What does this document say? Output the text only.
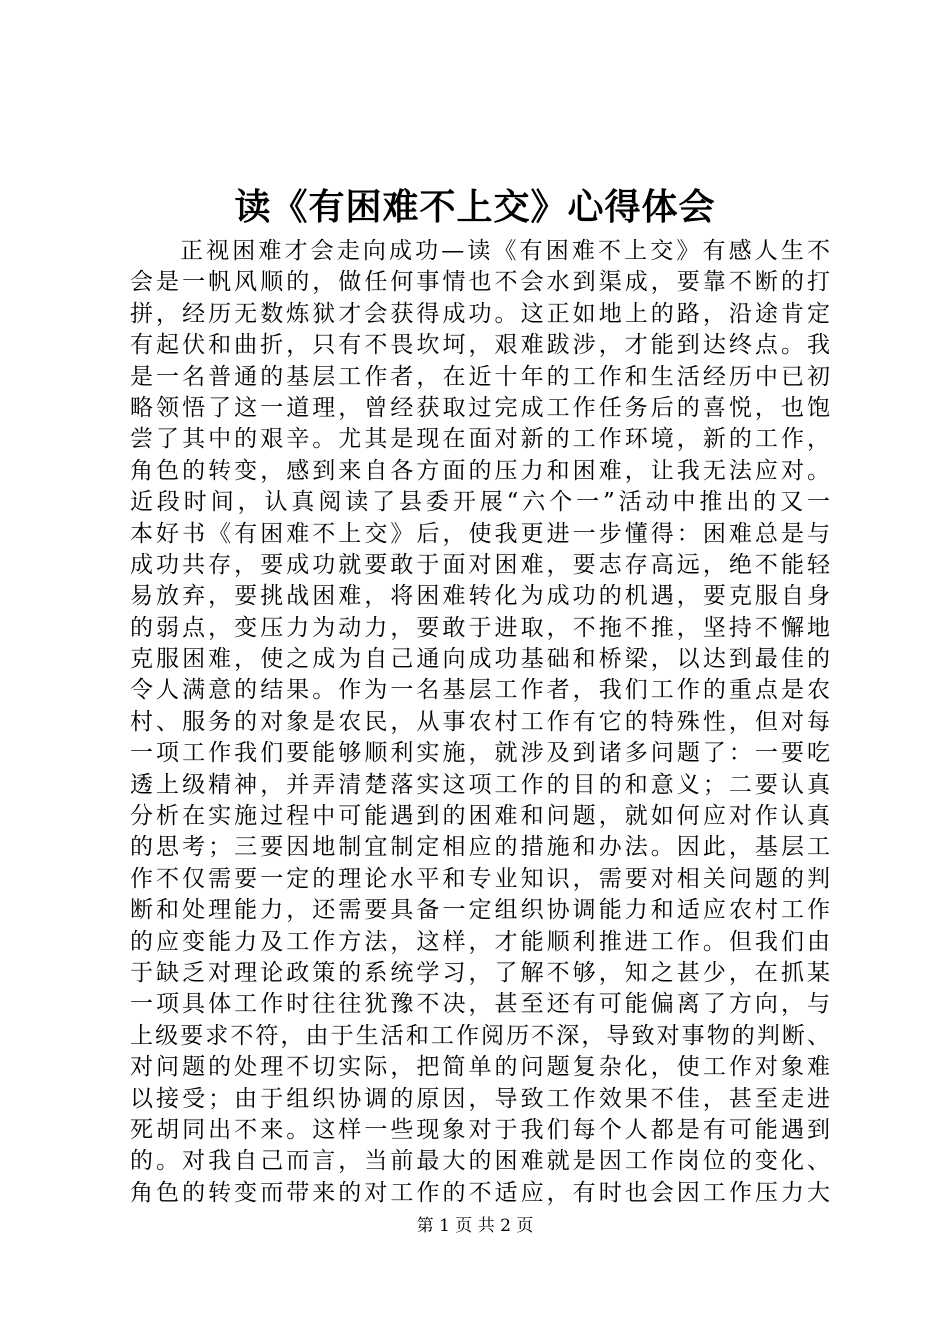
读《有困难不上交》心得体会
正视困难才会走向成功—读《有困难不上交》有感人生不
会是一帆风顺的，做任何事情也不会水到渠成，要靠不断的打
拼，经历无数炼狱才会获得成功。这正如地上的路，沿途肯定
有起伏和曲折，只有不畏坎坷，艰难跋涉，才能到达终点。我
是一名普通的基层工作者，在近十年的工作和生活经历中已初
略领悟了这一道理，曾经获取过完成工作任务后的喜悦，也饱
尝了其中的艰辛。尤其是现在面对新的工作环境，新的工作，
角色的转变，感到来自各方面的压力和困难，让我无法应对。
近段时间，认真阅读了县委开展“六个一”活动中推出的又一
本好书《有困难不上交》后，使我更进一步懂得：困难总是与
成功共存，要成功就要敢于面对困难，要志存高远，绝不能轻
易放弃，要挑战困难，将困难转化为成功的机遇，要克服自身
的弱点，变压力为动力，要敢于进取，不拖不推，坚持不懈地
克服困难，使之成为自己通向成功基础和桥梁，以达到最佳的
令人满意的结果。作为一名基层工作者，我们工作的重点是农
村、服务的对象是农民，从事农村工作有它的特殊性，但对每
一项工作我们要能够顺利实施，就涉及到诸多问题了：一要吃
透上级精神，并弄清楚落实这项工作的目的和意义；二要认真
分析在实施过程中可能遇到的困难和问题，就如何应对作认真
的思考；三要因地制宜制定相应的措施和办法。因此，基层工
作不仅需要一定的理论水平和专业知识，需要对相关问题的判
断和处理能力，还需要具备一定组织协调能力和适应农村工作
的应变能力及工作方法，这样，才能顺利推进工作。但我们由
于缺乏对理论政策的系统学习，了解不够，知之甚少，在抓某
一项具体工作时往往犹豫不决，甚至还有可能偏离了方向，与
上级要求不符，由于生活和工作阅历不深，导致对事物的判断、
对问题的处理不切实际，把简单的问题复杂化，使工作对象难
以接受；由于组织协调的原因，导致工作效果不佳，甚至走进
死胡同出不来。这样一些现象对于我们每个人都是有可能遇到
的。对我自己而言，当前最大的困难就是因工作岗位的变化、
角色的转变而带来的对工作的不适应，有时也会因工作压力大
第 1 页 共 2 页
